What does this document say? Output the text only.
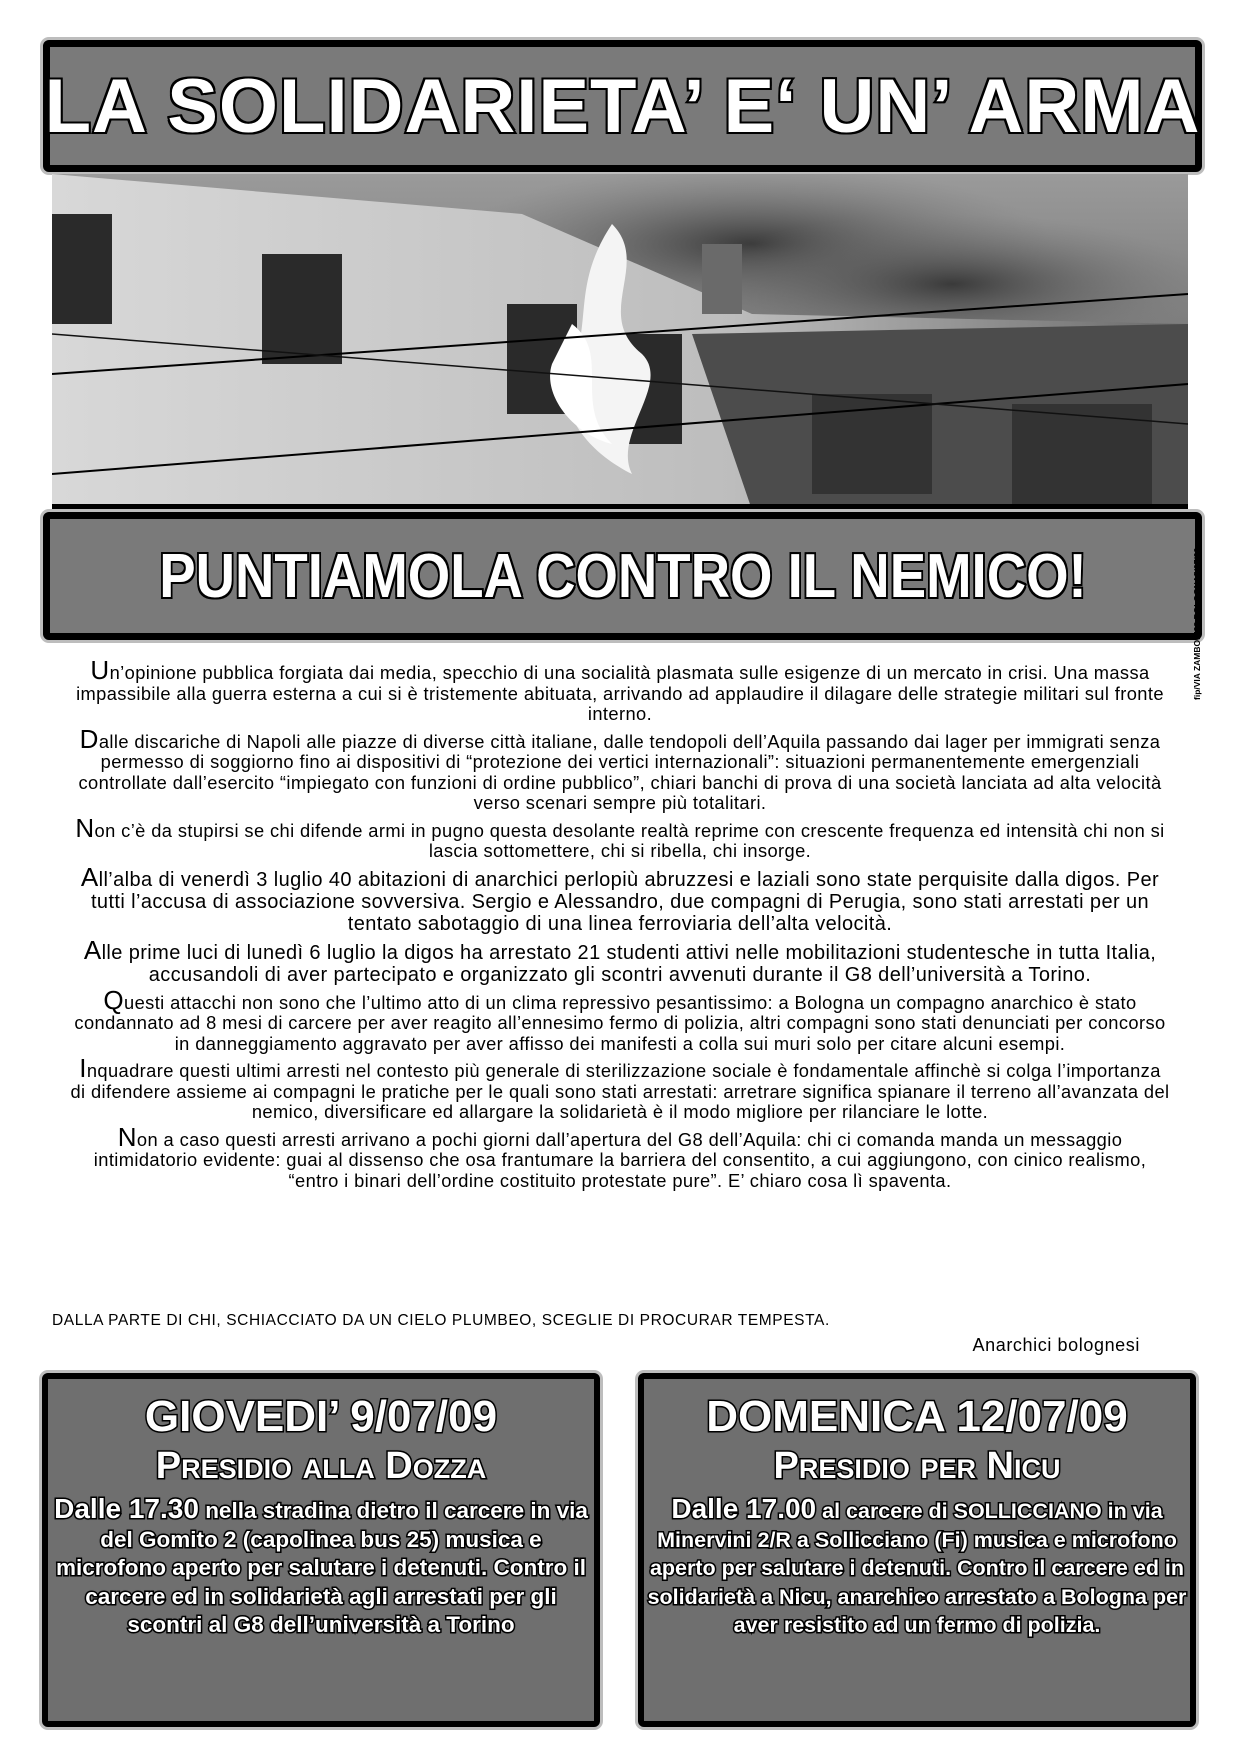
LA SOLIDARIETA’ E‘ UN’ ARMA
PUNTIAMOLA CONTRO IL NEMICO!	fip/VIA ZAMBONI38 BOLOGNA5/07/09

Un’opinione pubblica forgiata dai media, specchio di una socialità plasmata sulle esigenze di un mercato in crisi. Una massa impassibile alla guerra esterna a cui si è tristemente abituata, arrivando ad applaudire il dilagare delle strategie militari sul fronte interno.

Dalle discariche di Napoli alle piazze di diverse città italiane, dalle tendopoli dell’Aquila passando dai lager per immigrati senza permesso di soggiorno fino ai dispositivi di “protezione dei vertici internazionali”: situazioni permanentemente emergenziali controllate dall’esercito “impiegato con funzioni di ordine pubblico”, chiari banchi di prova di una società lanciata ad alta velocità verso scenari sempre più totalitari.

Non c’è da stupirsi se chi difende armi in pugno questa desolante realtà reprime con crescente frequenza ed intensità chi non si lascia sottomettere, chi si ribella, chi insorge.

All’alba di venerdì 3 luglio 40 abitazioni di anarchici perlopiù abruzzesi e laziali sono state perquisite dalla digos. Per tutti l’accusa di associazione sovversiva. Sergio e Alessandro, due compagni di Perugia, sono stati arrestati per un tentato sabotaggio di una linea ferroviaria dell’alta velocità.

Alle prime luci di lunedì 6 luglio la digos ha arrestato 21 studenti attivi nelle mobilitazioni studentesche in tutta Italia, accusandoli di aver partecipato e organizzato gli scontri avvenuti durante il G8 dell’università a Torino.

Questi attacchi non sono che l’ultimo atto di un clima repressivo pesantissimo: a Bologna un compagno anarchico è stato condannato ad 8 mesi di carcere per aver reagito all’ennesimo fermo di polizia, altri compagni sono stati denunciati per concorso in danneggiamento aggravato per aver affisso dei manifesti a colla sui muri solo per citare alcuni esempi.

Inquadrare questi ultimi arresti nel contesto più generale di sterilizzazione sociale è fondamentale affinchè si colga l’importanza di difendere assieme ai compagni le pratiche per le quali sono stati arrestati: arretrare significa spianare il terreno all’avanzata del nemico, diversificare ed allargare la solidarietà è il modo migliore per rilanciare le lotte.

Non a caso questi arresti arrivano a pochi giorni dall’apertura del G8 dell’Aquila: chi ci comanda manda un messaggio intimidatorio evidente: guai al dissenso che osa frantumare la barriera del consentito, a cui aggiungono, con cinico realismo, “entro i binari dell’ordine costituito protestate pure”. E’ chiaro cosa lì spaventa.

DALLA PARTE DI CHI, SCHIACCIATO DA UN CIELO PLUMBEO, SCEGLIE DI PROCURAR TEMPESTA.
Anarchici bolognesi
GIOVEDI’ 9/07/09
Presidio alla Dozza
Dalle 17.30 nella stradina dietro il carcere in via del Gomito 2 (capolinea bus 25) musica e microfono aperto per salutare i detenuti. Contro il carcere ed in solidarietà agli arrestati per gli scontri al G8 dell’università a Torino
DOMENICA 12/07/09
Presidio per Nicu
Dalle 17.00 al carcere di SOLLICCIANO in via Minervini 2/R a Sollicciano (Fi) musica e microfono aperto per salutare i detenuti. Contro il carcere ed in solidarietà a Nicu, anarchico arrestato a Bologna per aver resistito ad un fermo di polizia.
